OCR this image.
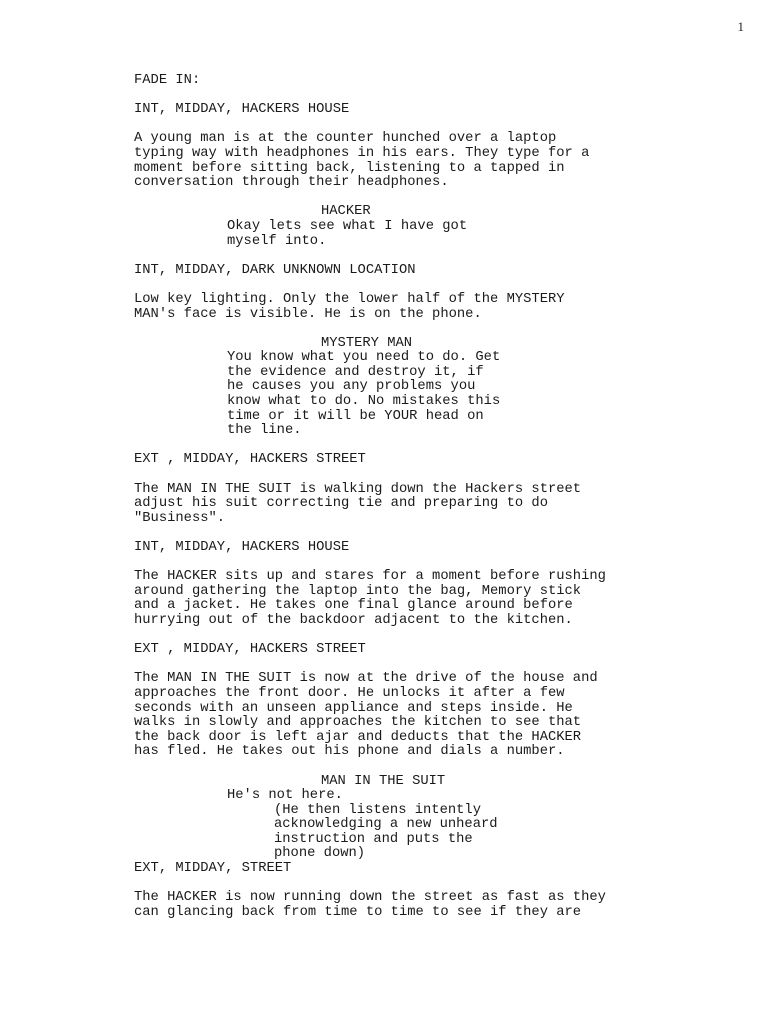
1
FADE IN:
INT, MIDDAY, HACKERS HOUSE
A young man is at the counter hunched over a laptop
typing way with headphones in his ears. They type for a
moment before sitting back, listening to a tapped in
conversation through their headphones.
HACKER
Okay lets see what I have got
myself into.
INT, MIDDAY, DARK UNKNOWN LOCATION
Low key lighting. Only the lower half of the MYSTERY
MAN's face is visible. He is on the phone.
MYSTERY MAN
You know what you need to do. Get
the evidence and destroy it, if
he causes you any problems you
know what to do. No mistakes this
time or it will be YOUR head on
the line.
EXT , MIDDAY, HACKERS STREET
The MAN IN THE SUIT is walking down the Hackers street
adjust his suit correcting tie and preparing to do
"Business".
INT, MIDDAY, HACKERS HOUSE
The HACKER sits up and stares for a moment before rushing
around gathering the laptop into the bag, Memory stick
and a jacket. He takes one final glance around before
hurrying out of the backdoor adjacent to the kitchen.
EXT , MIDDAY, HACKERS STREET
The MAN IN THE SUIT is now at the drive of the house and
approaches the front door. He unlocks it after a few
seconds with an unseen appliance and steps inside. He
walks in slowly and approaches the kitchen to see that
the back door is left ajar and deducts that the HACKER
has fled. He takes out his phone and dials a number.
MAN IN THE SUIT
He's not here.
(He then listens intently
acknowledging a new unheard
instruction and puts the
phone down)
EXT, MIDDAY, STREET
The HACKER is now running down the street as fast as they
can glancing back from time to time to see if they are
